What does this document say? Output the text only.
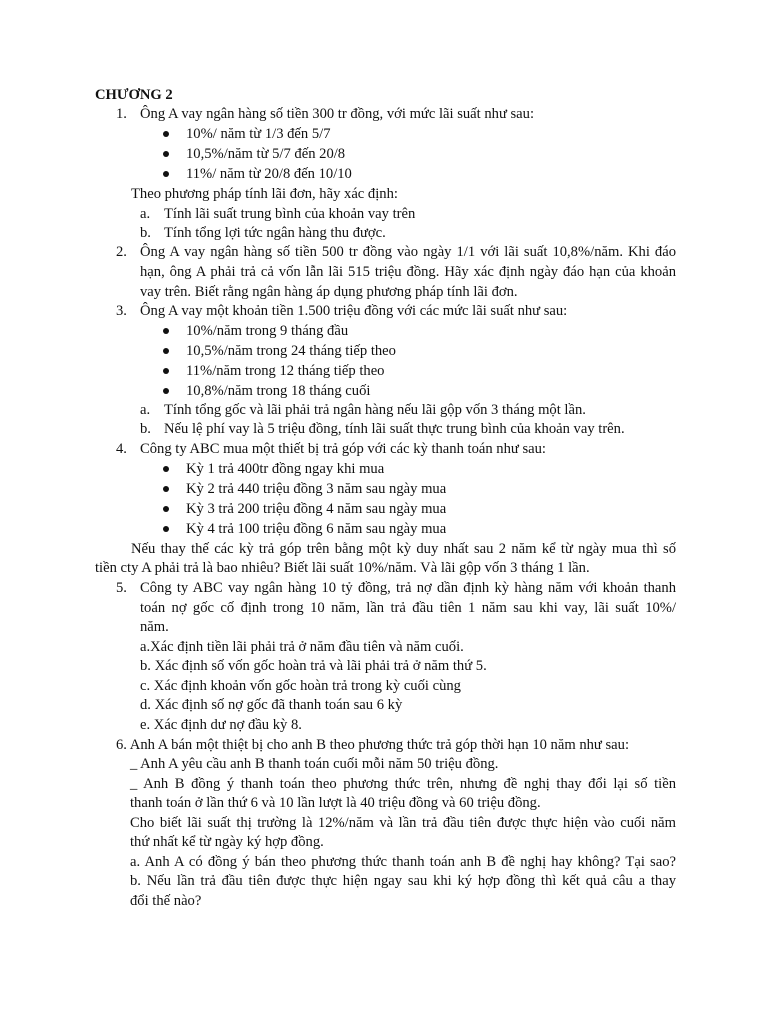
CHƯƠNG 2
1. Ông A vay ngân hàng số tiền 300 tr đồng, với mức lãi suất như sau:
10%/ năm từ 1/3 đến 5/7
10,5%/năm từ 5/7 đến 20/8
11%/ năm từ 20/8 đến 10/10
Theo phương pháp tính lãi đơn, hãy xác định:
a. Tính lãi suất trung bình của khoản vay trên
b. Tính tổng lợi tức ngân hàng thu được.
2. Ông A vay ngân hàng số tiền 500 tr đồng vào ngày 1/1 với lãi suất 10,8%/năm. Khi đáo
hạn, ông A phải trả cả vốn lẫn lãi 515 triệu đồng. Hãy xác định ngày đáo hạn của khoản
vay trên. Biết rằng ngân hàng áp dụng phương pháp tính lãi đơn.
3. Ông A vay một khoản tiền 1.500 triệu đồng với các mức lãi suất như sau:
10%/năm trong 9 tháng đầu
10,5%/năm trong 24 tháng tiếp theo
11%/năm trong 12 tháng tiếp theo
10,8%/năm trong 18 tháng cuối
a. Tính tổng gốc và lãi phải trả ngân hàng nếu lãi gộp vốn 3 tháng một lần.
b. Nếu lệ phí vay là 5 triệu đồng, tính lãi suất thực trung bình của khoản vay trên.
4. Công ty ABC mua một thiết bị trả góp với các kỳ thanh toán như sau:
Kỳ 1 trả 400tr đồng ngay khi mua
Kỳ 2 trả 440 triệu đồng 3 năm sau ngày mua
Kỳ 3 trả 200 triệu đồng 4 năm sau ngày mua
Kỳ 4 trả 100 triệu đồng 6 năm sau ngày mua
Nếu thay thế các kỳ trả góp trên bằng một kỳ duy nhất sau 2 năm kể từ ngày mua thì số
tiền cty A phải trả là bao nhiêu? Biết lãi suất 10%/năm. Và lãi gộp vốn 3 tháng 1 lần.
5. Công ty ABC vay ngân hàng 10 tỷ đồng, trả nợ dần định kỳ hàng năm với khoản thanh
toán nợ gốc cố định trong 10 năm, lần trả đầu tiên 1 năm sau khi vay, lãi suất 10%/
năm.
a.Xác định tiền lãi phải trả ở năm đầu tiên và năm cuối.
b. Xác định số vốn gốc hoàn trả và lãi phải trả ở năm thứ 5.
c. Xác định khoản vốn gốc hoàn trả trong kỳ cuối cùng
d. Xác định số nợ gốc đã thanh toán sau 6 kỳ
e. Xác định dư nợ đầu kỳ 8.
6. Anh A bán một thiệt bị cho anh B theo phương thức trả góp thời hạn 10 năm như sau:
_ Anh A yêu cầu anh B thanh toán cuối mỗi năm 50 triệu đồng.
_ Anh B đồng ý thanh toán theo phương thức trên, nhưng đề nghị thay đổi lại số tiền
thanh toán ở lần thứ 6 và 10 lần lượt là 40 triệu đồng và 60 triệu đồng.
Cho biết lãi suất thị trường là 12%/năm và lần trả đầu tiên được thực hiện vào cuối năm
thứ nhất kể từ ngày ký hợp đồng.
a. Anh A có đồng ý bán theo phương thức thanh toán anh B đề nghị hay không? Tại sao?
b. Nếu lần trả đầu tiên được thực hiện ngay sau khi ký hợp đồng thì kết quả câu a thay
đổi thế nào?
